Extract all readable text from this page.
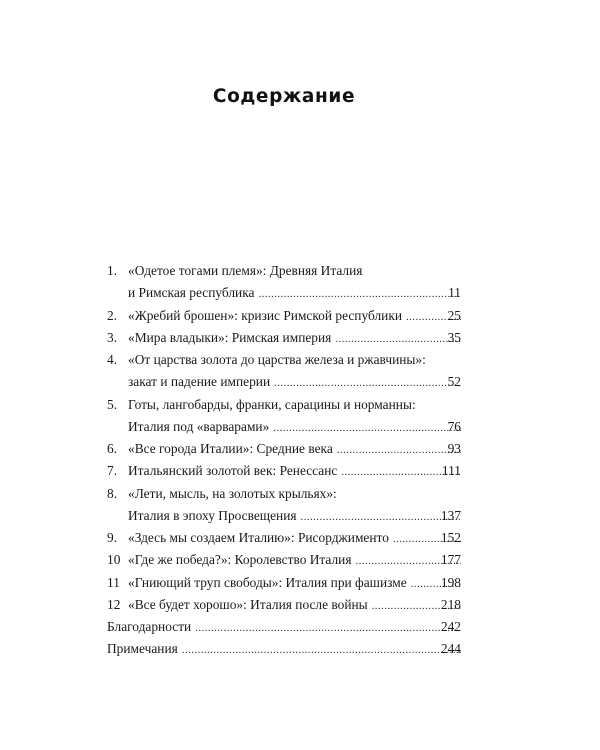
Содержание
1. «Одетое тогами племя»: Древняя Италия
и Римская республика .....	11
2. «Жребий брошен»: кризис Римской республики .....	25
3. «Мира владыки»: Римская империя .....	35
4. «От царства золота до царства железа и ржавчины»:
закат и падение империи .....	52
5. Готы, лангобарды, франки, сарацины и норманны:
Италия под «варварами» .....	76
6. «Все города Италии»: Средние века .....	93
7. Итальянский золотой век: Ренессанс .....	111
8. «Лети, мысль, на золотых крыльях»:
Италия в эпоху Просвещения .....	137
9. «Здесь мы создаем Италию»: Рисорджименто .....	152
10 «Где же победа?»: Королевство Италия .....	177
11 «Гниющий труп свободы»: Италия при фашизме .....	198
12 «Все будет хорошо»: Италия после войны .....	218
Благодарности .....	242
Примечания .....	244
